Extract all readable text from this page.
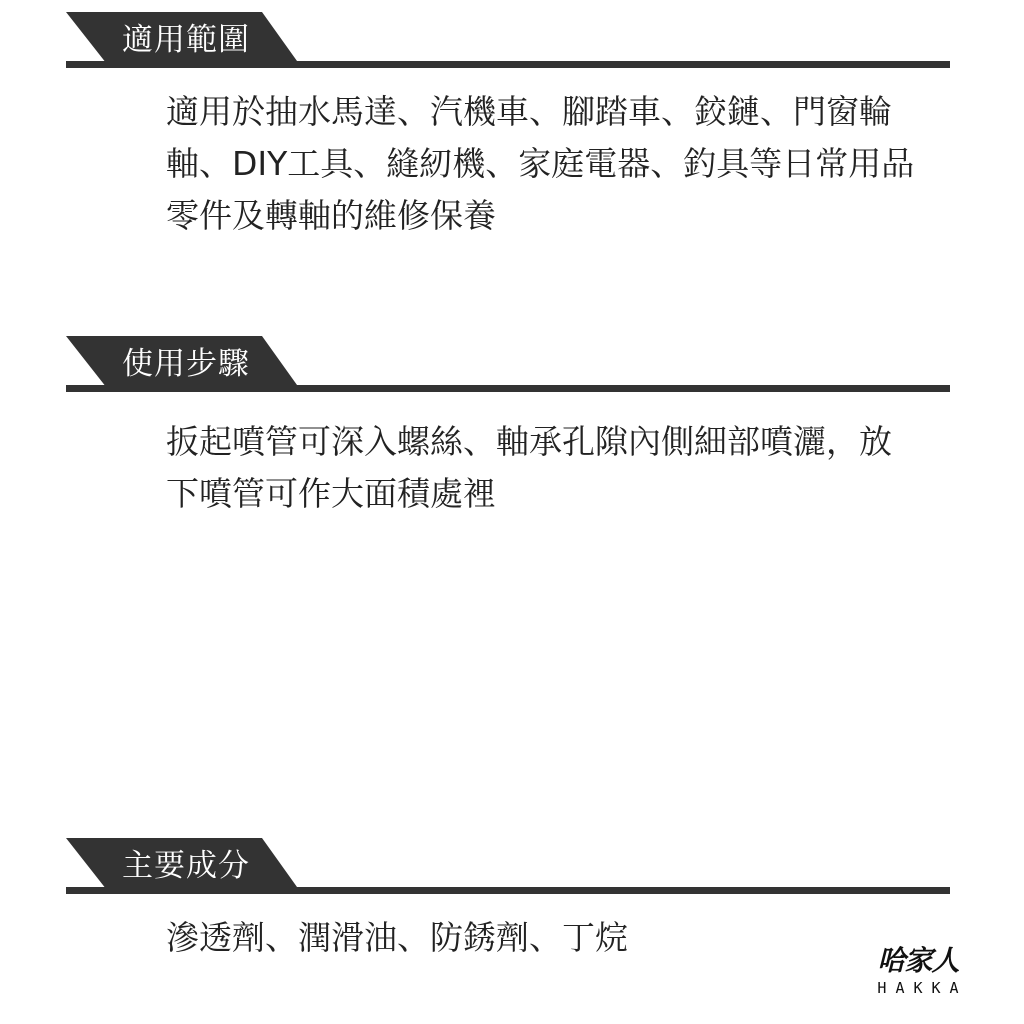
適用範圍

適用於抽水馬達、汽機車、腳踏車、鉸鏈、門窗輪

軸、DIY工具、縫紉機、家庭電器、釣具等日常用品

零件及轉軸的維修保養

使用步驟

扳起噴管可深入螺絲、軸承孔隙內側細部噴灑，放

下噴管可作大面積處裡

主要成分

滲透劑、潤滑油、防銹劑、丁烷

哈家人
HAKKA
